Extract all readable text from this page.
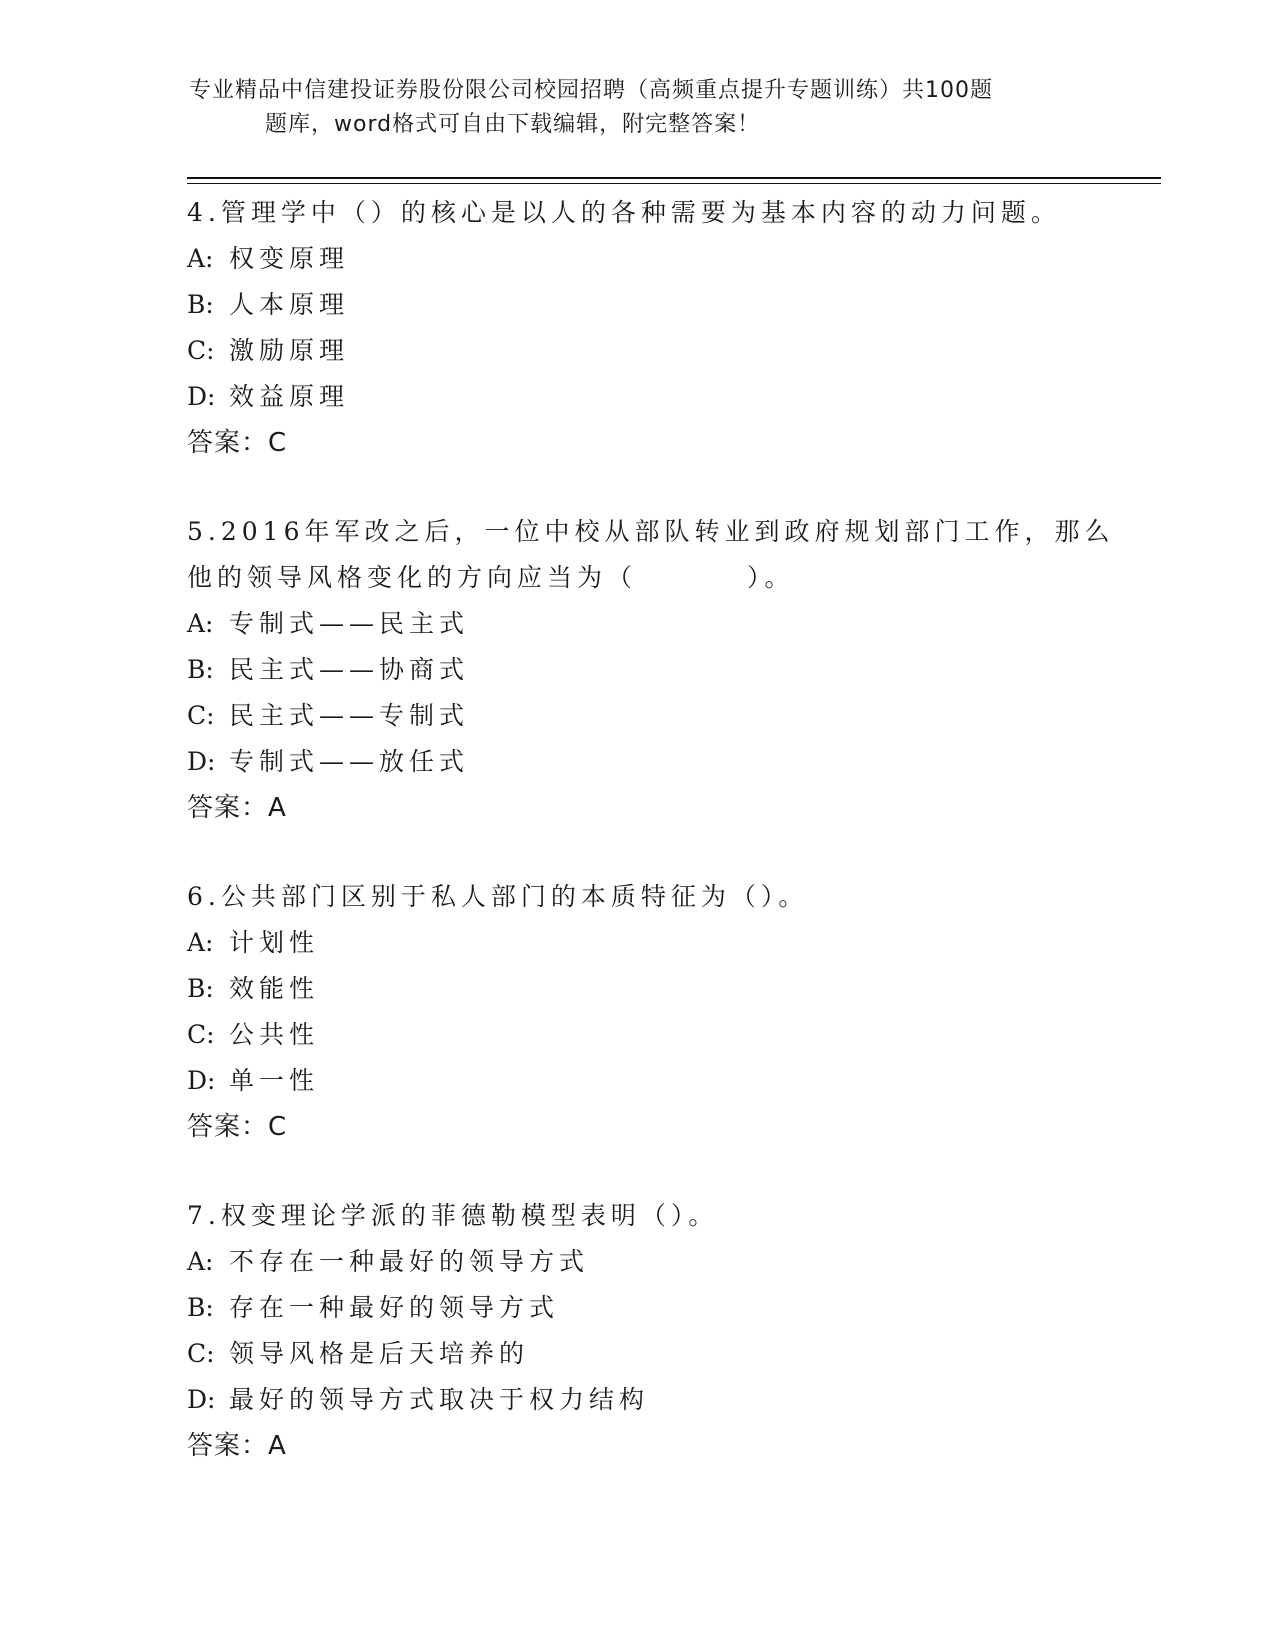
专业精品中信建投证券股份限公司校园招聘（高频重点提升专题训练）共100题
题库，word格式可自由下载编辑，附完整答案！

4.管理学中（）的核心是以人的各种需要为基本内容的动力问题。

A: 权变原理

B: 人本原理

C: 激励原理

D: 效益原理

答案：C

5.2016年军改之后，一位中校从部队转业到政府规划部门工作，那么

他的领导风格变化的方向应当为（	）。

A: 专制式——民主式

B: 民主式——协商式

C: 民主式——专制式

D: 专制式——放任式

答案：A

6.公共部门区别于私人部门的本质特征为（）。

A: 计划性

B: 效能性

C: 公共性

D: 单一性

答案：C

7.权变理论学派的菲德勒模型表明（）。

A: 不存在一种最好的领导方式

B: 存在一种最好的领导方式

C: 领导风格是后天培养的

D: 最好的领导方式取决于权力结构

答案：A
